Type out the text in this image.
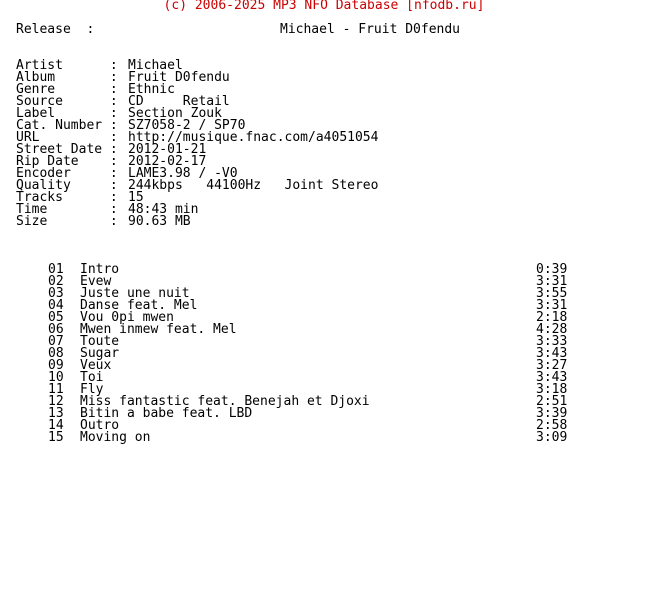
(c) 2006-2025 MP3 NFO Database [nfodb.ru]
Release  :	Michael - Fruit D0fendu
Artist      : Michael
Album       : Fruit D0fendu
Genre       : Ethnic
Source      : CD     Retail
Label       : Section Zouk
Cat. Number : SZ7058-2 / SP70
URL         : http://musique.fnac.com/a4051054
Street Date : 2012-01-21
Rip Date    : 2012-02-17
Encoder     : LAME3.98 / -V0
Quality     : 244kbps   44100Hz   Joint Stereo
Tracks      : 15
Time        : 48:43 min
Size        : 90.63 MB
01 Intro	0:39
02 Evew	3:31
03 Juste une nuit	3:55
04 Danse feat. Mel	3:31
05 Vou 0pi mwen	2:18
06 Mwen inmew feat. Mel	4:28
07 Toute	3:33
08 Sugar	3:43
09 Veux	3:27
10 Toi	3:43
11 Fly	3:18
12 Miss fantastic feat. Benejah et Djoxi	2:51
13 Bitin a babe feat. LBD	3:39
14 Outro	2:58
15 Moving on	3:09
